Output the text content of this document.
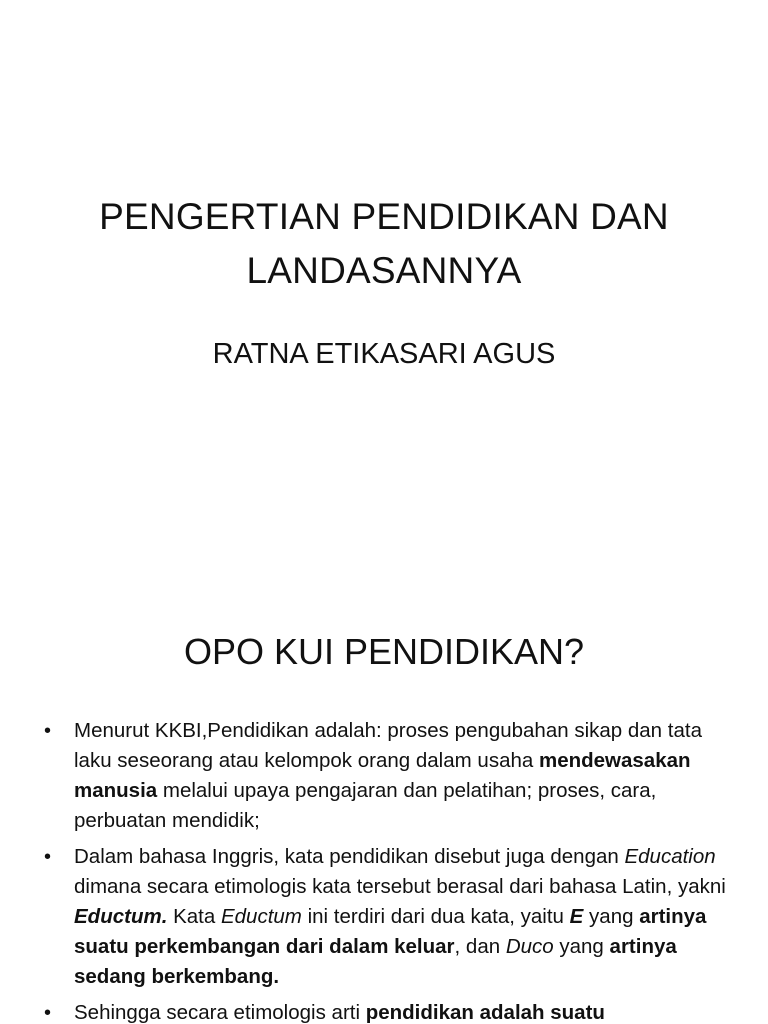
PENGERTIAN PENDIDIKAN DAN
LANDASANNYA
RATNA ETIKASARI AGUS
OPO KUI PENDIDIKAN?
• Menurut KKBI,Pendidikan adalah: proses pengubahan sikap dan tata laku seseorang atau kelompok orang dalam usaha mendewasakan manusia melalui upaya pengajaran dan pelatihan; proses, cara, perbuatan mendidik;
• Dalam bahasa Inggris, kata pendidikan disebut juga dengan Education dimana secara etimologis kata tersebut berasal dari bahasa Latin, yakni Eductum. Kata Eductum ini terdiri dari dua kata, yaitu E yang artinya suatu perkembangan dari dalam keluar, dan Duco yang artinya sedang berkembang.
• Sehingga secara etimologis arti pendidikan adalah suatu
